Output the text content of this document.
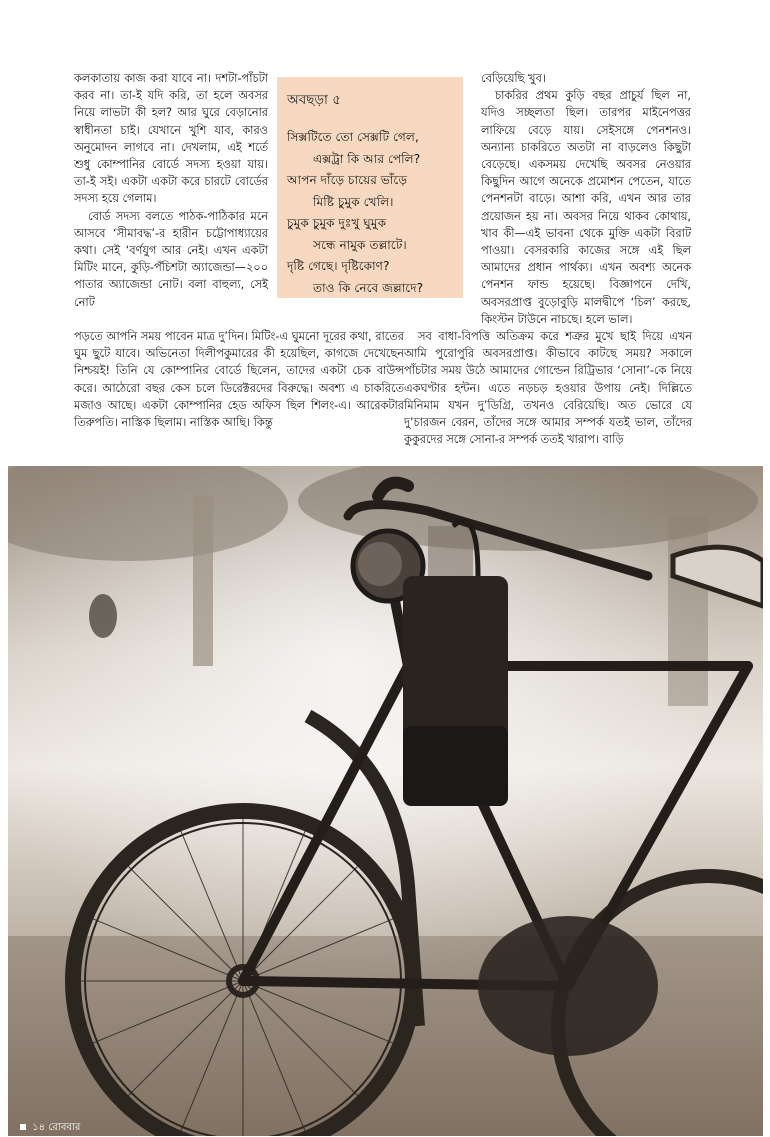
কলকাতায় কাজ করা যাবে না। দশটা-পাঁচটা করব না। তা-ই যদি করি, তা হলে অবসর নিয়ে লাভটা কী হল? আর ঘুরে বেড়ানোর স্বাধীনতা চাই। যেখানে খুশি যাব, কারও অনুমোদন লাগবে না। দেখলাম, এই শর্তে শুধু কোম্পানির বোর্ডে সদস্য হওয়া যায়। তা-ই সই। একটা একটা করে চারটে বোর্ডের সদস্য হয়ে গেলাম।

বোর্ড সদস্য বলতে পাঠক-পাঠিকার মনে আসবে ‘সীমাবদ্ধ’-র হারীন চট্টোপাধ্যায়ের কথা। সেই ‘বর্ণযুগ আর নেই। এখন একটা মিটিং মানে, কুড়ি-পঁচিশটা অ্যাজেন্ডা—২০০ পাতার অ্যাজেন্ডা নোট। বলা বাহুল্য, সেই নোট

অবছড়া ৫
সিক্সটিতে তো সেক্সটি গেল,
এক্সট্রা কি আর পেলি?
আপন দাঁড়ে চায়ের ভাঁড়ে
মিষ্টি চুমুক খেলি।
চুমুক চুমুক দুঃখু ঘুমুক
সন্ধে নামুক তল্লাটে।
দৃষ্টি গেছে। দৃষ্টিকোণ?
তাও কি নেবে জল্লাদে?

বেড়িয়েছি খুব।

চাকরির প্রথম কুড়ি বছর প্রাচুর্য ছিল না, যদিও সচ্ছলতা ছিল। তারপর মাইনেপত্তর লাফিয়ে বেড়ে যায়। সেইসঙ্গে পেনশনও। অন্যান্য চাকরিতে অতটা না বাড়লেও কিছুটা বেড়েছে। একসময় দেখেছি অবসর নেওয়ার কিছুদিন আগে অনেকে প্রমোশন পেতেন, যাতে পেনশনটা বাড়ে। আশা করি, এখন আর তার প্রয়োজন হয় না। অবসর নিয়ে থাকব কোথায়, খাব কী—এই ভাবনা থেকে মুক্তি একটা বিরাট পাওয়া। বেসরকারি কাজের সঙ্গে এই ছিল আমাদের প্রধান পার্থক্য। এখন অবশ্য অনেক পেনশন ফান্ড হয়েছে। বিজ্ঞাপনে দেখি, অবসরপ্রাপ্ত বুড়োবুড়ি মালদ্বীপে ‘চিল’ করছে, কিংস্টন টাউনে নাচছে। হলে ভাল।

পড়তে আপনি সময় পাবেন মাত্র দু’দিন। মিটিং-এ ঘুমনো দূরের কথা, রাতের ঘুম ছুটে যাবে। অভিনেতা দিলীপকুমারের কী হয়েছিল, কাগজে দেখেছেন নিশ্চয়ই! তিনি যে কোম্পানির বোর্ডে ছিলেন, তাদের একটা চেক বাউন্স করে। আঠেরো বছর কেস চলে ডিরেক্টরদের বিরুদ্ধে। অবশ্য এ চাকরিতে মজাও আছে। একটা কোম্পানির হেড অফিস ছিল শিলং-এ। আরেকটার তিরুপতি। নাস্তিক ছিলাম। নাস্তিক আছি। কিন্তু

সব বাধা-বিপত্তি অতিক্রম করে শত্রুর মুখে ছাই দিয়ে এখন আমি পুরোপুরি অবসরপ্রাপ্ত। কীভাবে কাটছে সময়? সকালে পাঁচটার সময় উঠে আমাদের গোল্ডেন রিট্রিভার ‘সোনা’-কে নিয়ে একঘণ্টার হন্টন। এতে নড়চড় হওয়ার উপায় নেই। দিল্লিতে মিনিমাম যখন দু’ডিগ্রি, তখনও বেরিয়েছি। অত ভোরে যে দু’চারজন বেরন, তাঁদের সঙ্গে আমার সম্পর্ক যতই ভাল, তাঁদের কুকুরদের সঙ্গে সোনা-র সম্পর্ক ততই খারাপ। বাড়ি

১৪ রোববার
